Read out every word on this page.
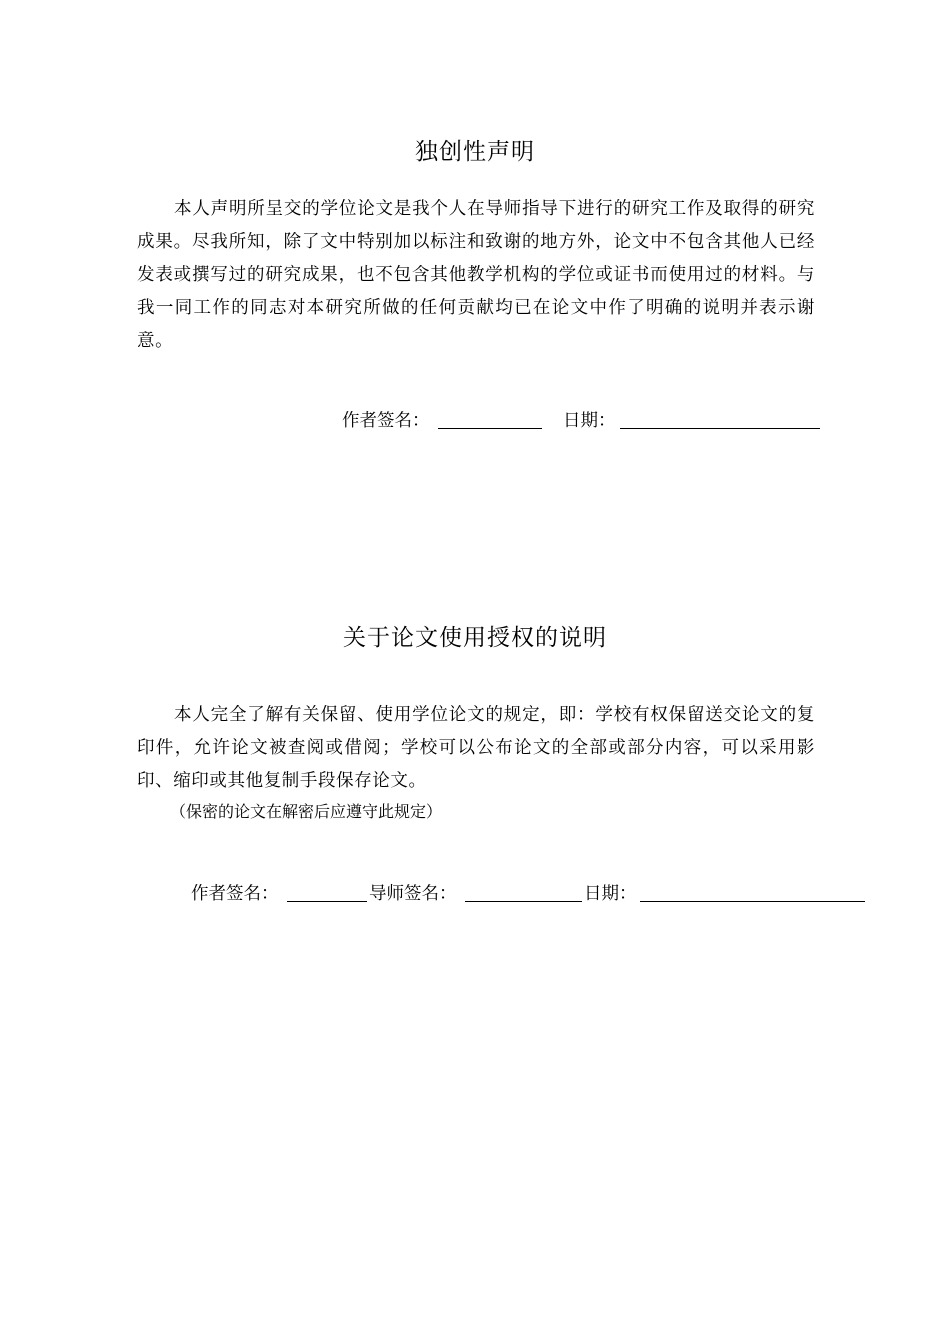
独创性声明
本人声明所呈交的学位论文是我个人在导师指导下进行的研究工作及取得的研究成果。尽我所知，除了文中特别加以标注和致谢的地方外，论文中不包含其他人已经发表或撰写过的研究成果，也不包含其他教学机构的学位或证书而使用过的材料。与我一同工作的同志对本研究所做的任何贡献均已在论文中作了明确的说明并表示谢意。
作者签名：	日期：
关于论文使用授权的说明
本人完全了解有关保留、使用学位论文的规定，即：学校有权保留送交论文的复印件，允许论文被查阅或借阅；学校可以公布论文的全部或部分内容，可以采用影印、缩印或其他复制手段保存论文。
（保密的论文在解密后应遵守此规定）
作者签名：	导师签名：	日期：
